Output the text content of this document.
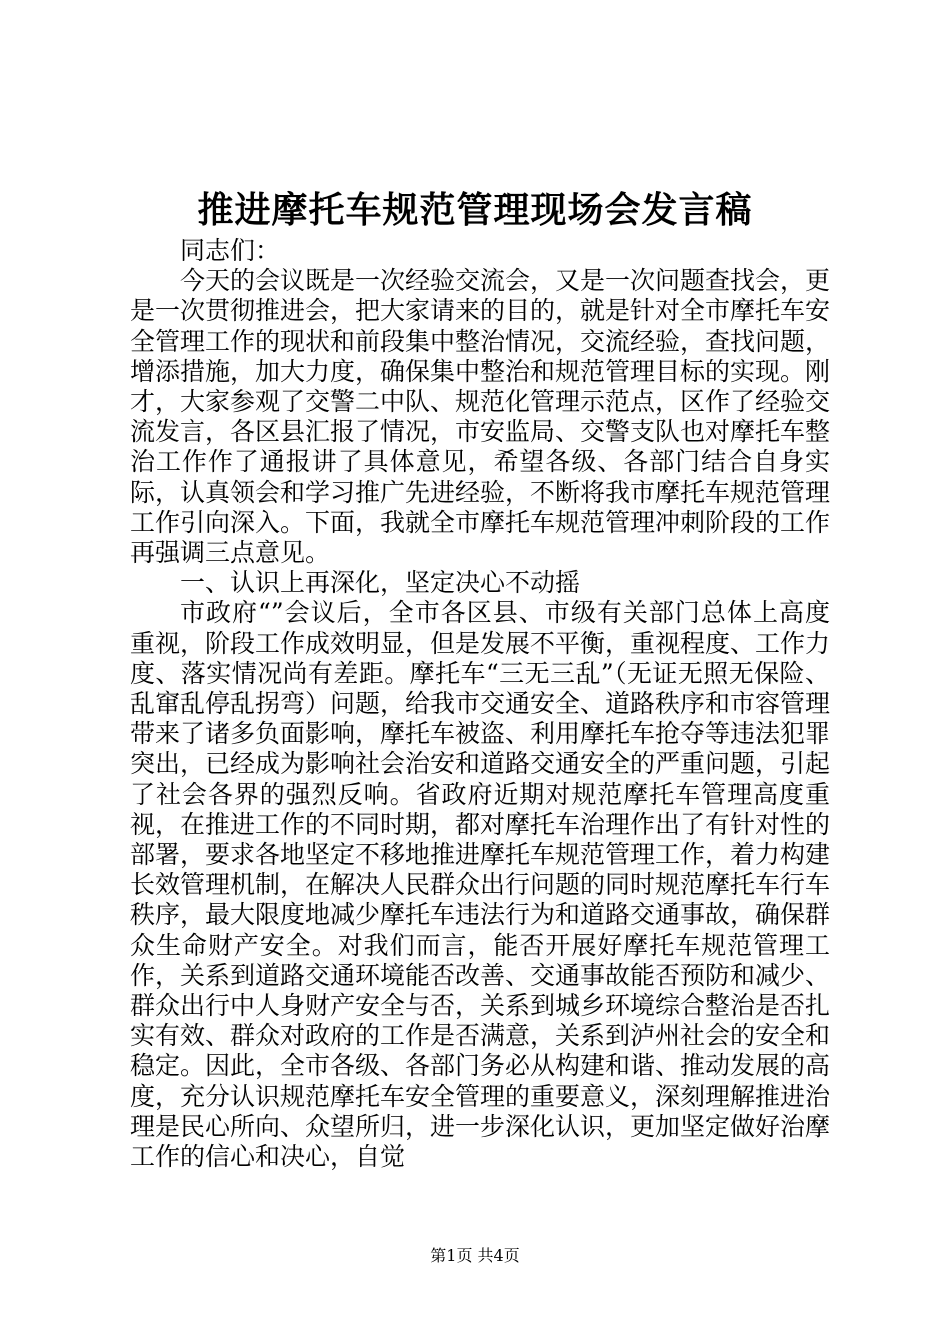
推进摩托车规范管理现场会发言稿

同志们：

今天的会议既是一次经验交流会，又是一次问题查找会，更是一次贯彻推进会，把大家请来的目的，就是针对全市摩托车安全管理工作的现状和前段集中整治情况，交流经验，查找问题，增添措施，加大力度，确保集中整治和规范管理目标的实现。刚才，大家参观了交警二中队、规范化管理示范点，区作了经验交流发言，各区县汇报了情况，市安监局、交警支队也对摩托车整治工作作了通报讲了具体意见，希望各级、各部门结合自身实际，认真领会和学习推广先进经验，不断将我市摩托车规范管理工作引向深入。下面，我就全市摩托车规范管理冲刺阶段的工作再强调三点意见。

一、认识上再深化，坚定决心不动摇

市政府“”会议后，全市各区县、市级有关部门总体上高度重视，阶段工作成效明显，但是发展不平衡，重视程度、工作力度、落实情况尚有差距。摩托车“三无三乱”（无证无照无保险、乱窜乱停乱拐弯）问题，给我市交通安全、道路秩序和市容管理带来了诸多负面影响，摩托车被盗、利用摩托车抢夺等违法犯罪突出，已经成为影响社会治安和道路交通安全的严重问题，引起了社会各界的强烈反响。省政府近期对规范摩托车管理高度重视，在推进工作的不同时期，都对摩托车治理作出了有针对性的部署，要求各地坚定不移地推进摩托车规范管理工作，着力构建长效管理机制，在解决人民群众出行问题的同时规范摩托车行车秩序，最大限度地减少摩托车违法行为和道路交通事故，确保群众生命财产安全。对我们而言，能否开展好摩托车规范管理工作，关系到道路交通环境能否改善、交通事故能否预防和减少、群众出行中人身财产安全与否，关系到城乡环境综合整治是否扎实有效、群众对政府的工作是否满意，关系到泸州社会的安全和稳定。因此，全市各级、各部门务必从构建和谐、推动发展的高度，充分认识规范摩托车安全管理的重要意义，深刻理解推进治理是民心所向、众望所归，进一步深化认识，更加坚定做好治摩工作的信心和决心，自觉

第1页 共4页
